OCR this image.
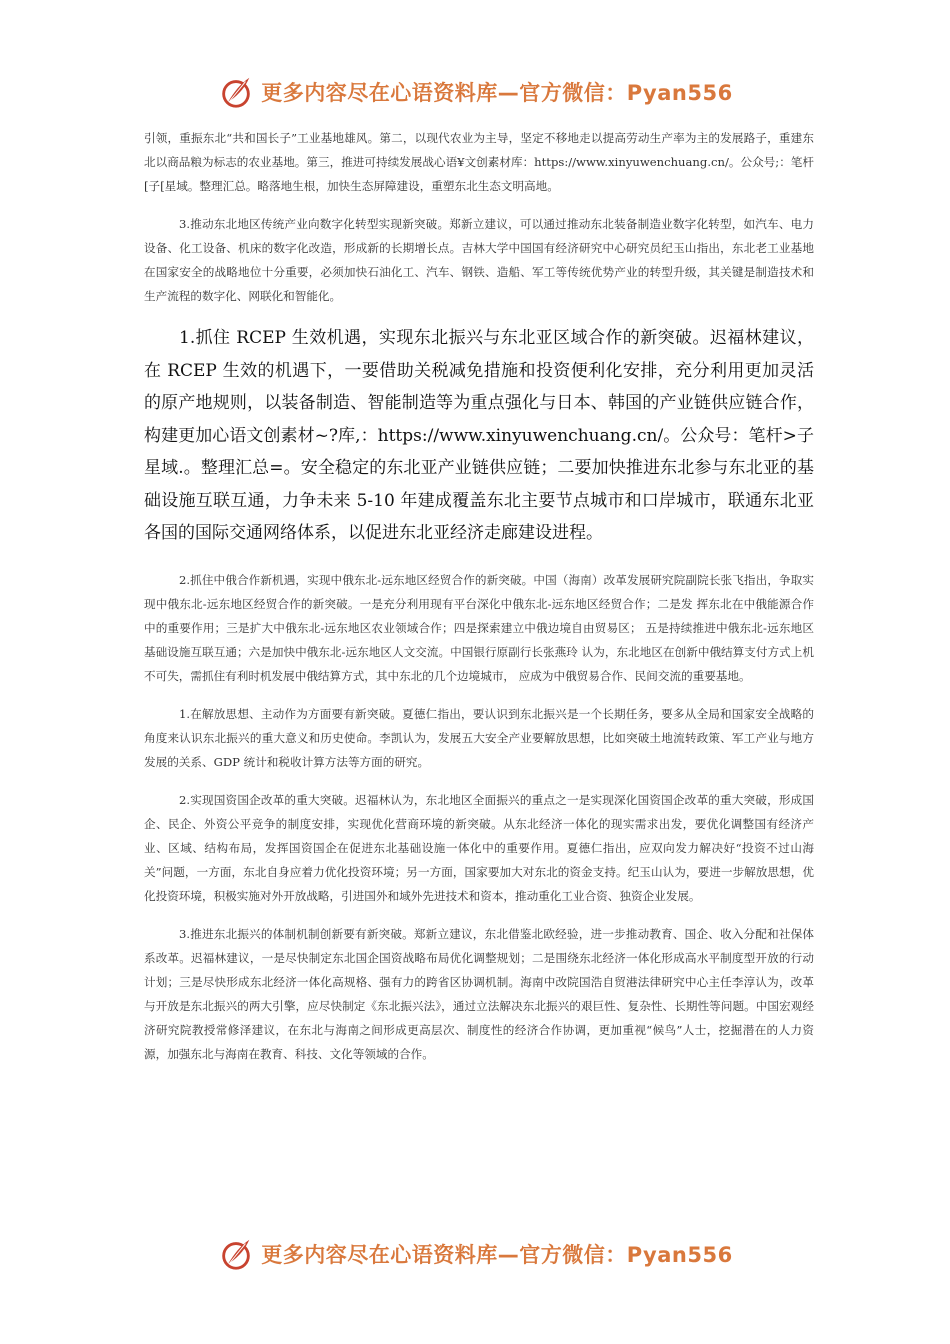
更多内容尽在心语资料库—官方微信：Pyan556

引领，重振东北“共和国长子”工业基地雄风。第二，以现代农业为主导，坚定不移地走以提高劳动生产率为主的发展路子，重建东北以商品粮为标志的农业基地。第三，推进可持续发展战心语¥文创素材库：https://www.xinyuwenchuang.cn/。公众号;：笔杆[子[星域。整理汇总。略落地生根，加快生态屏障建设，重塑东北生态文明高地。

3.推动东北地区传统产业向数字化转型实现新突破。郑新立建议，可以通过推动东北装备制造业数字化转型，如汽车、电力设备、化工设备、机床的数字化改造，形成新的长期增长点。吉林大学中国国有经济研究中心研究员纪玉山指出，东北老工业基地在国家安全的战略地位十分重要，必须加快石油化工、汽车、钢铁、造船、军工等传统优势产业的转型升级，其关键是制造技术和生产流程的数字化、网联化和智能化。

1.抓住 RCEP 生效机遇，实现东北振兴与东北亚区域合作的新突破。迟福林建议，在 RCEP 生效的机遇下，一要借助关税减免措施和投资便利化安排，充分利用更加灵活的原产地规则，以装备制造、智能制造等为重点强化与日本、韩国的产业链供应链合作，构建更加心语文创素材~?库,：https://www.xinyuwenchuang.cn/。公众号：笔杆>子星域.。整理汇总=。安全稳定的东北亚产业链供应链；二要加快推进东北参与东北亚的基础设施互联互通，力争未来 5-10 年建成覆盖东北主要节点城市和口岸城市，联通东北亚各国的国际交通网络体系，以促进东北亚经济走廊建设进程。

2.抓住中俄合作新机遇，实现中俄东北-远东地区经贸合作的新突破。中国（海南）改革发展研究院副院长张飞指出，争取实现中俄东北-远东地区经贸合作的新突破。一是充分利用现有平台深化中俄东北-远东地区经贸合作；二是发 挥东北在中俄能源合作中的重要作用；三是扩大中俄东北-远东地区农业领域合作；四是探索建立中俄边境自由贸易区； 五是持续推进中俄东北-远东地区基础设施互联互通；六是加快中俄东北-远东地区人文交流。中国银行原副行长张燕玲 认为，东北地区在创新中俄结算支付方式上机不可失，需抓住有利时机发展中俄结算方式，其中东北的几个边境城市， 应成为中俄贸易合作、民间交流的重要基地。

1.在解放思想、主动作为方面要有新突破。夏德仁指出，要认识到东北振兴是一个长期任务，要多从全局和国家安全战略的角度来认识东北振兴的重大意义和历史使命。李凯认为，发展五大安全产业要解放思想，比如突破土地流转政策、军工产业与地方发展的关系、GDP 统计和税收计算方法等方面的研究。

2.实现国资国企改革的重大突破。迟福林认为，东北地区全面振兴的重点之一是实现深化国资国企改革的重大突破，形成国企、民企、外资公平竞争的制度安排，实现优化营商环境的新突破。从东北经济一体化的现实需求出发，要优化调整国有经济产业、区域、结构布局，发挥国资国企在促进东北基础设施一体化中的重要作用。夏德仁指出，应双向发力解决好“投资不过山海关”问题，一方面，东北自身应着力优化投资环境；另一方面，国家要加大对东北的资金支持。纪玉山认为，要进一步解放思想，优化投资环境，积极实施对外开放战略，引进国外和域外先进技术和资本，推动重化工业合资、独资企业发展。

3.推进东北振兴的体制机制创新要有新突破。郑新立建议，东北借鉴北欧经验，进一步推动教育、国企、收入分配和社保体系改革。迟福林建议，一是尽快制定东北国企国资战略布局优化调整规划；二是围绕东北经济一体化形成高水平制度型开放的行动计划；三是尽快形成东北经济一体化高规格、强有力的跨省区协调机制。海南中改院国浩自贸港法律研究中心主任李淳认为，改革与开放是东北振兴的两大引擎，应尽快制定《东北振兴法》，通过立法解决东北振兴的艰巨性、复杂性、长期性等问题。中国宏观经济研究院教授常修泽建议，在东北与海南之间形成更高层次、制度性的经济合作协调，更加重视“候鸟”人士，挖掘潜在的人力资源，加强东北与海南在教育、科技、文化等领域的合作。

更多内容尽在心语资料库—官方微信：Pyan556
